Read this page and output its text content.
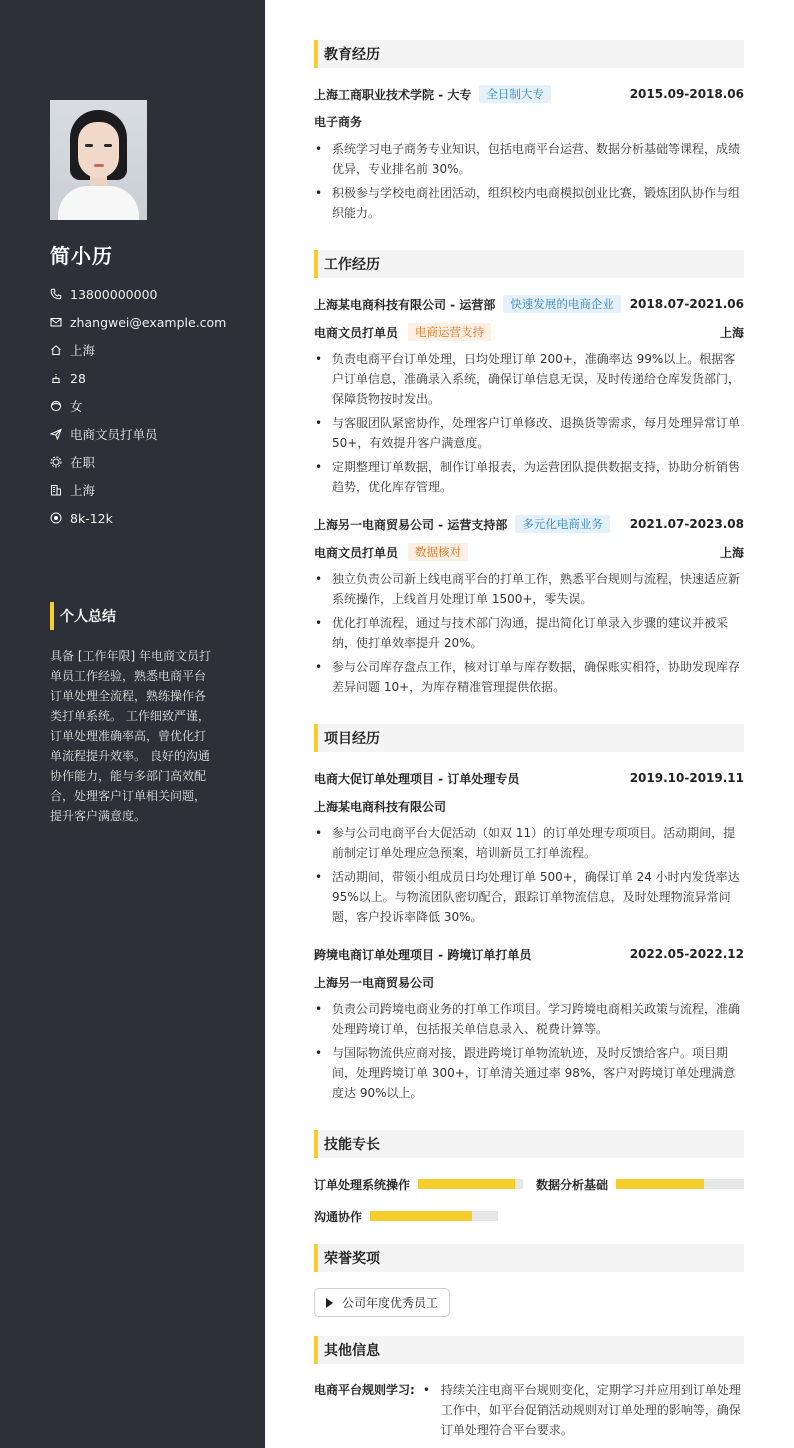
简小历
13800000000
zhangwei@example.com
上海
28
女
电商文员打单员
在职
上海
8k-12k
个人总结
具备 [工作年限] 年电商文员打单员工作经验，熟悉电商平台订单处理全流程，熟练操作各类打单系统。 工作细致严谨，订单处理准确率高，曾优化打单流程提升效率。 良好的沟通协作能力，能与多部门高效配合，处理客户订单相关问题，提升客户满意度。
教育经历
上海工商职业技术学院 - 大专	全日制大专	2015.09-2018.06
电子商务
• 系统学习电子商务专业知识，包括电商平台运营、数据分析基础等课程，成绩优异，专业排名前 30%。
• 积极参与学校电商社团活动，组织校内电商模拟创业比赛，锻炼团队协作与组织能力。
工作经历
上海某电商科技有限公司 - 运营部	快速发展的电商企业	2018.07-2021.06
电商文员打单员	电商运营支持	上海
• 负责电商平台订单处理，日均处理订单 200+，准确率达 99%以上。根据客户订单信息，准确录入系统，确保订单信息无误，及时传递给仓库发货部门，保障货物按时发出。
• 与客服团队紧密协作，处理客户订单修改、退换货等需求，每月处理异常订单 50+，有效提升客户满意度。
• 定期整理订单数据，制作订单报表，为运营团队提供数据支持，协助分析销售趋势，优化库存管理。
上海另一电商贸易公司 - 运营支持部	多元化电商业务	2021.07-2023.08
电商文员打单员	数据核对	上海
• 独立负责公司新上线电商平台的打单工作，熟悉平台规则与流程，快速适应新系统操作，上线首月处理订单 1500+，零失误。
• 优化打单流程，通过与技术部门沟通，提出简化订单录入步骤的建议并被采纳，使打单效率提升 20%。
• 参与公司库存盘点工作，核对订单与库存数据，确保账实相符，协助发现库存差异问题 10+，为库存精准管理提供依据。
项目经历
电商大促订单处理项目 - 订单处理专员	2019.10-2019.11
上海某电商科技有限公司
• 参与公司电商平台大促活动（如双 11）的订单处理专项项目。活动期间，提前制定订单处理应急预案，培训新员工打单流程。
• 活动期间，带领小组成员日均处理订单 500+，确保订单 24 小时内发货率达 95%以上。与物流团队密切配合，跟踪订单物流信息，及时处理物流异常问题，客户投诉率降低 30%。
跨境电商订单处理项目 - 跨境订单打单员	2022.05-2022.12
上海另一电商贸易公司
• 负责公司跨境电商业务的打单工作项目。学习跨境电商相关政策与流程，准确处理跨境订单，包括报关单信息录入、税费计算等。
• 与国际物流供应商对接，跟进跨境订单物流轨迹，及时反馈给客户。项目期间，处理跨境订单 300+，订单清关通过率 98%，客户对跨境订单处理满意度达 90%以上。
技能专长
订单处理系统操作	数据分析基础
沟通协作
荣誉奖项
公司年度优秀员工
其他信息
电商平台规则学习:
•	持续关注电商平台规则变化，定期学习并应用到订单处理工作中，如平台促销活动规则对订单处理的影响等，确保订单处理符合平台要求。
